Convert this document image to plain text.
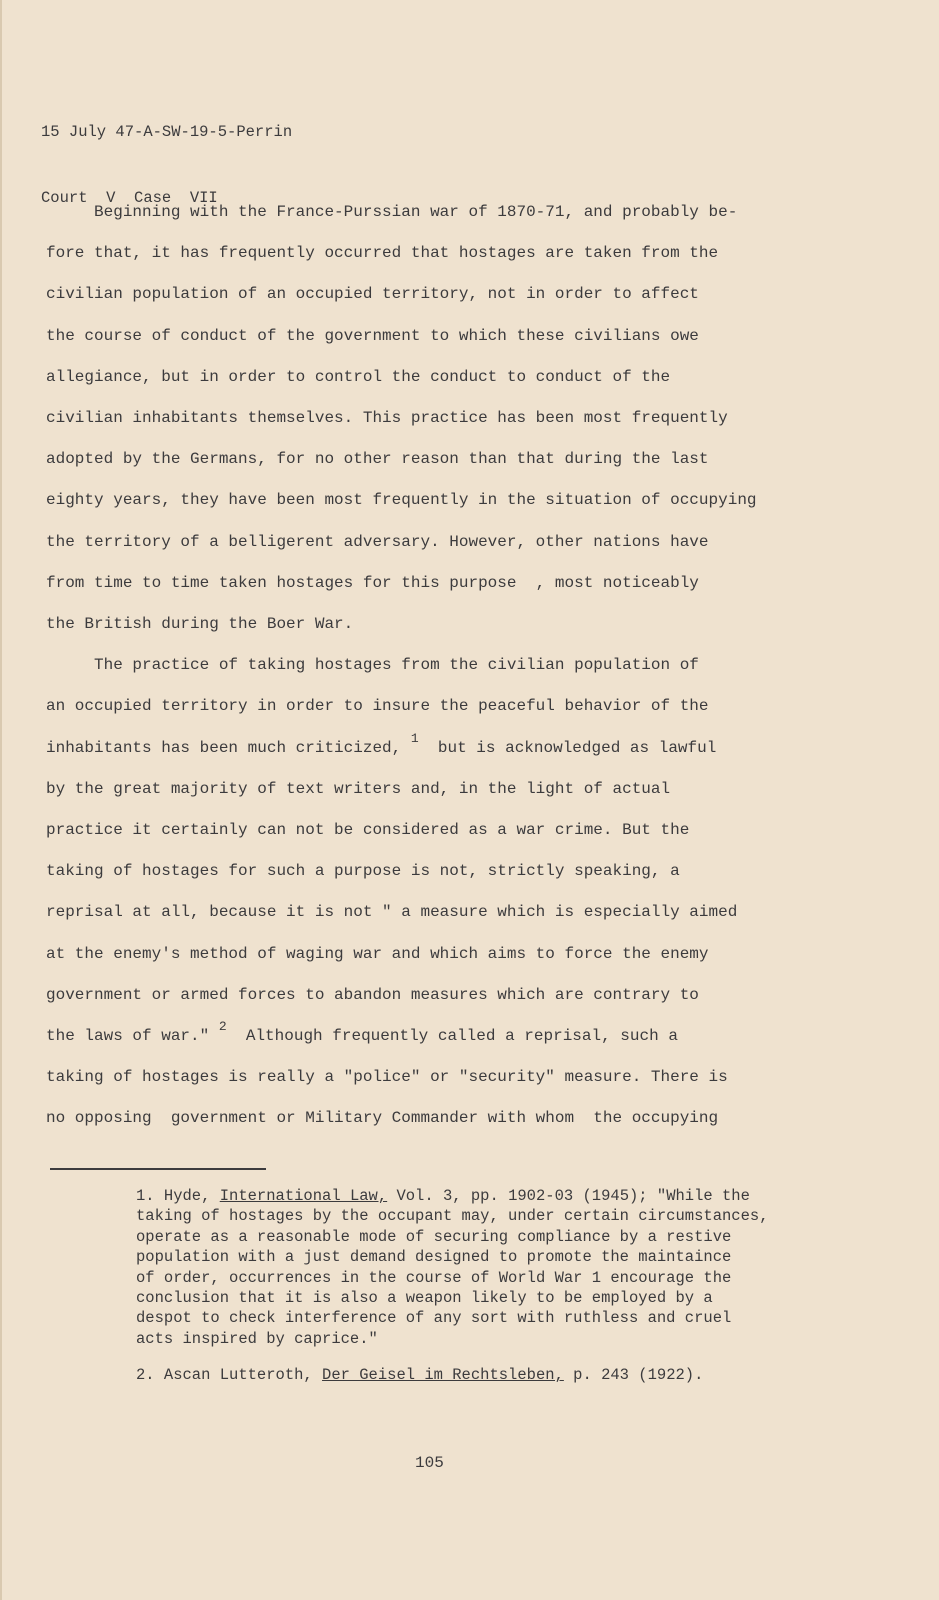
15 July 47-A-SW-19-5-Perrin

Court  V  Case  VII

Beginning with the France-Purssian war of 1870-71, and probably be-
fore that, it has frequently occurred that hostages are taken from the
civilian population of an occupied territory, not in order to affect
the course of conduct of the government to which these civilians owe
allegiance, but in order to control the conduct to conduct of the
civilian inhabitants themselves. This practice has been most frequently
adopted by the Germans, for no other reason than that during the last
eighty years, they have been most frequently in the situation of occupying
the territory of a belligerent adversary. However, other nations have
from time to time taken hostages for this purpose  , most noticeably
the British during the Boer War.
The practice of taking hostages from the civilian population of
an occupied territory in order to insure the peaceful behavior of the
inhabitants has been much criticized, $^1$  but is acknowledged as lawful
by the great majority of text writers and, in the light of actual
practice it certainly can not be considered as a war crime. But the
taking of hostages for such a purpose is not, strictly speaking, a
reprisal at all, because it is not " a measure which is especially aimed
at the enemy's method of waging war and which aims to force the enemy
government or armed forces to abandon measures which are contrary to
the laws of war." $^2$  Although frequently called a reprisal, such a
taking of hostages is really a "police" or "security" measure. There is
no opposing  government or Military Commander with whom  the occupying
1. Hyde, International Law, Vol. 3, pp. 1902-03 (1945); "While the
taking of hostages by the occupant may, under certain circumstances,
operate as a reasonable mode of securing compliance by a restive
population with a just demand designed to promote the maintaince
of order, occurrences in the course of World War 1 encourage the
conclusion that it is also a weapon likely to be employed by a
despot to check interference of any sort with ruthless and cruel
acts inspired by caprice."
2. Ascan Lutteroth, Der Geisel im Rechtsleben, p. 243 (1922).
105
